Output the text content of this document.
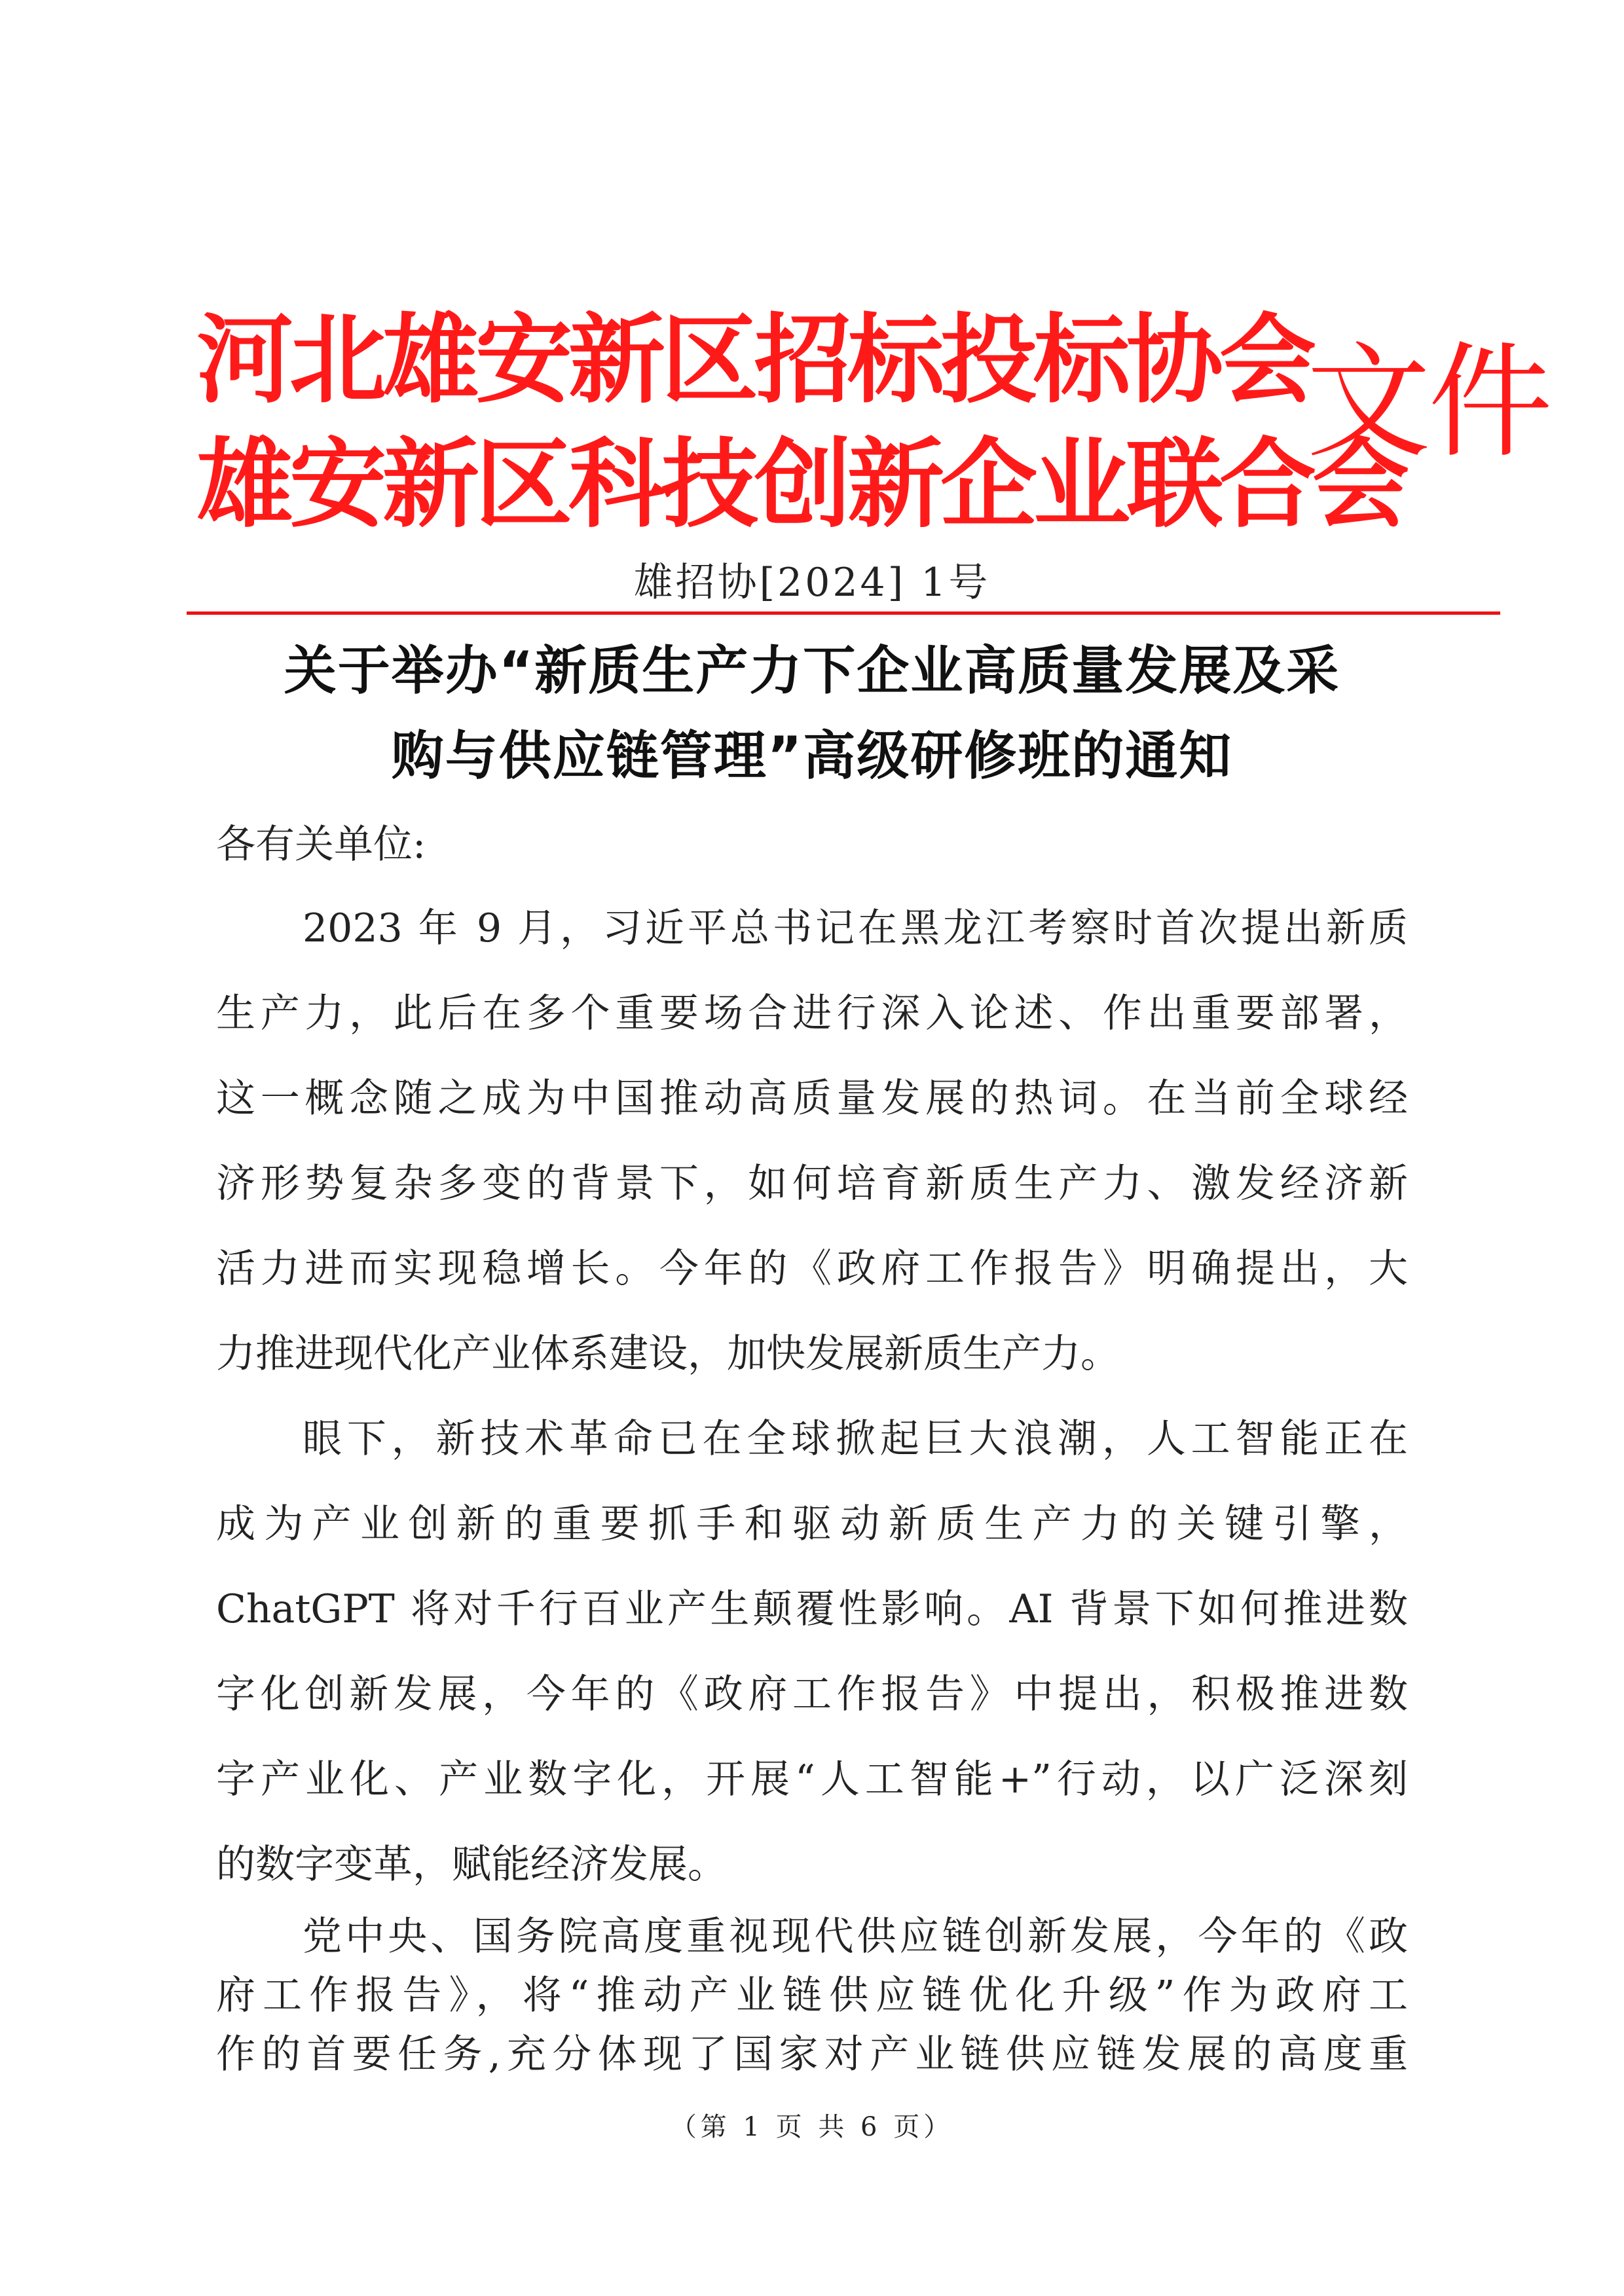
河北雄安新区招标投标协会
雄安新区科技创新企业联合会
文件
雄招协[2024] 1号
关于举办“新质生产力下企业高质量发展及采
购与供应链管理”高级研修班的通知
各有关单位:
2023 年 9 月，习近平总书记在黑龙江考察时首次提出新质
生产力，此后在多个重要场合进行深入论述、作出重要部署，
这一概念随之成为中国推动高质量发展的热词。在当前全球经
济形势复杂多变的背景下，如何培育新质生产力、激发经济新
活力进而实现稳增长。今年的《政府工作报告》明确提出，大
力推进现代化产业体系建设，加快发展新质生产力。
眼下，新技术革命已在全球掀起巨大浪潮，人工智能正在
成为产业创新的重要抓手和驱动新质生产力的关键引擎，
ChatGPT 将对千行百业产生颠覆性影响。AI 背景下如何推进数
字化创新发展，今年的《政府工作报告》中提出，积极推进数
字产业化、产业数字化，开展“人工智能+”行动，以广泛深刻
的数字变革，赋能经济发展。
党中央、国务院高度重视现代供应链创新发展，今年的《政
府工作报告》，将“推动产业链供应链优化升级”作为政府工
（第 1 页 共 6 页）
作的首要任务,充分体现了国家对产业链供应链发展的高度重
